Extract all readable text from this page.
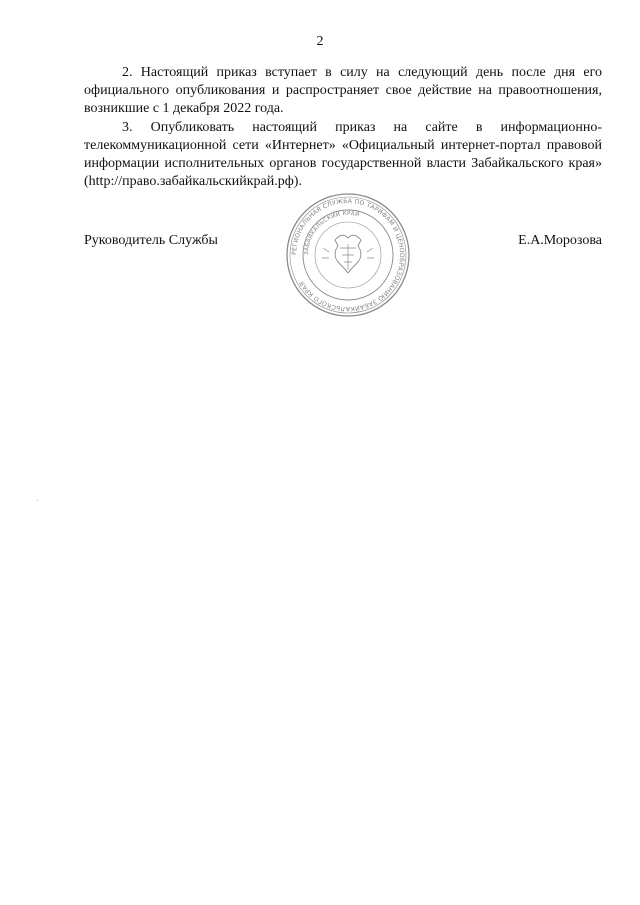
2

2. Настоящий приказ вступает в силу на следующий день после дня его официального опубликования и распространяет свое действие на правоотношения, возникшие с 1 декабря 2022 года.

3. Опубликовать настоящий приказ на сайте в информационно-телекоммуникационной сети «Интернет» «Официальный интернет-портал правовой информации исполнительных органов государственной власти Забайкальского края» (http://право.забайкальскийкрай.рф).

РЕГИОНАЛЬНАЯ СЛУЖБА ПО ТАРИФАМ И ЦЕНООБРАЗОВАНИЮ ЗАБАЙКАЛЬСКОГО КРАЯ
ЗАБАЙКАЛЬСКИЙ КРАЙ
Руководитель Службы	Е.А.Морозова
